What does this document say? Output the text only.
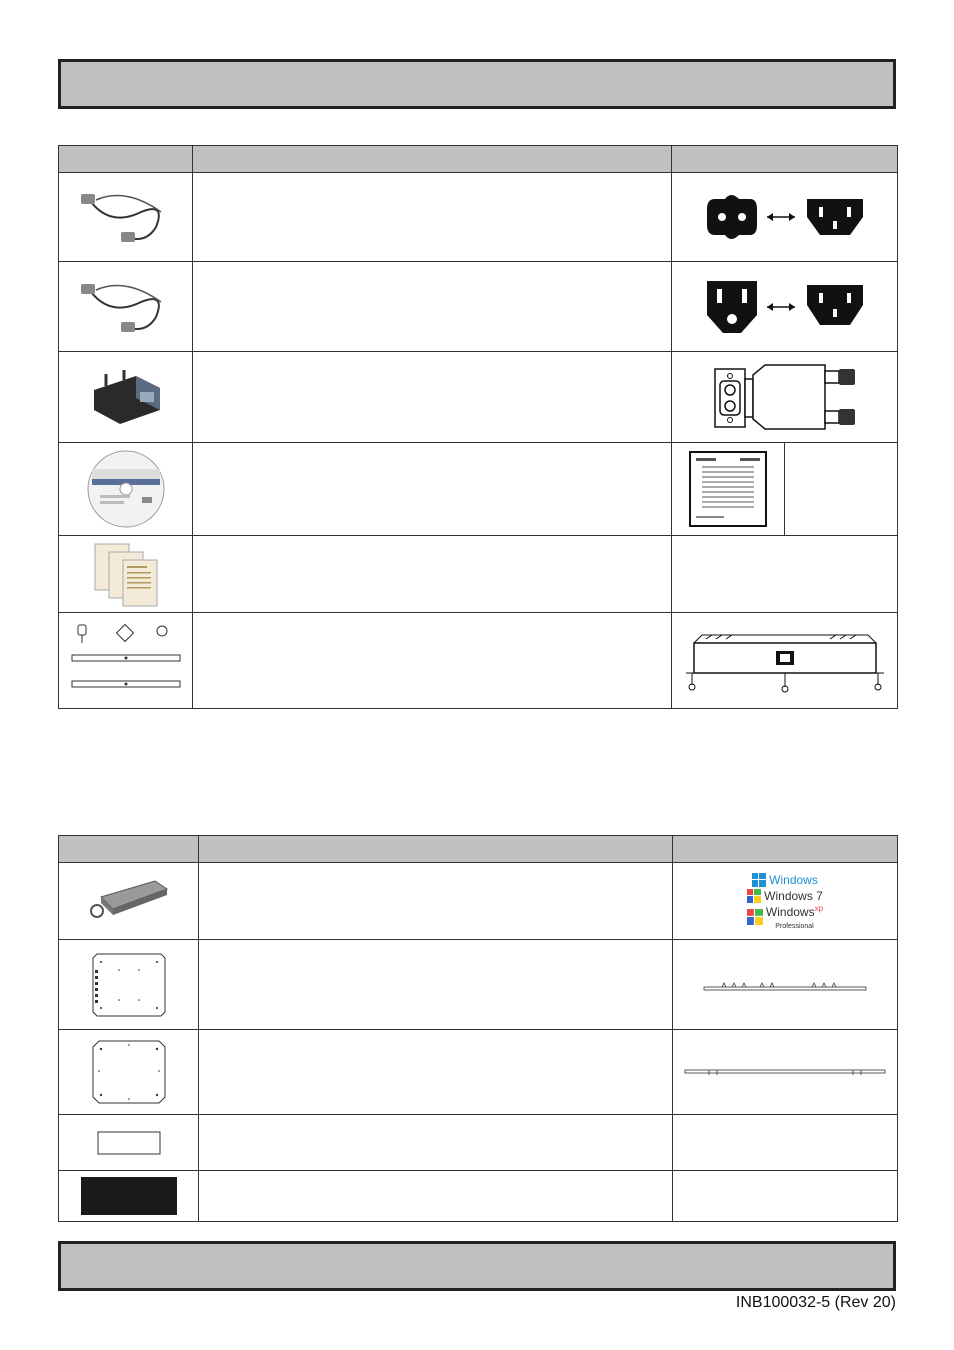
Windows
Windows 7
Windows$^{xp}$
Professional

INB100032-5 (Rev 20)
